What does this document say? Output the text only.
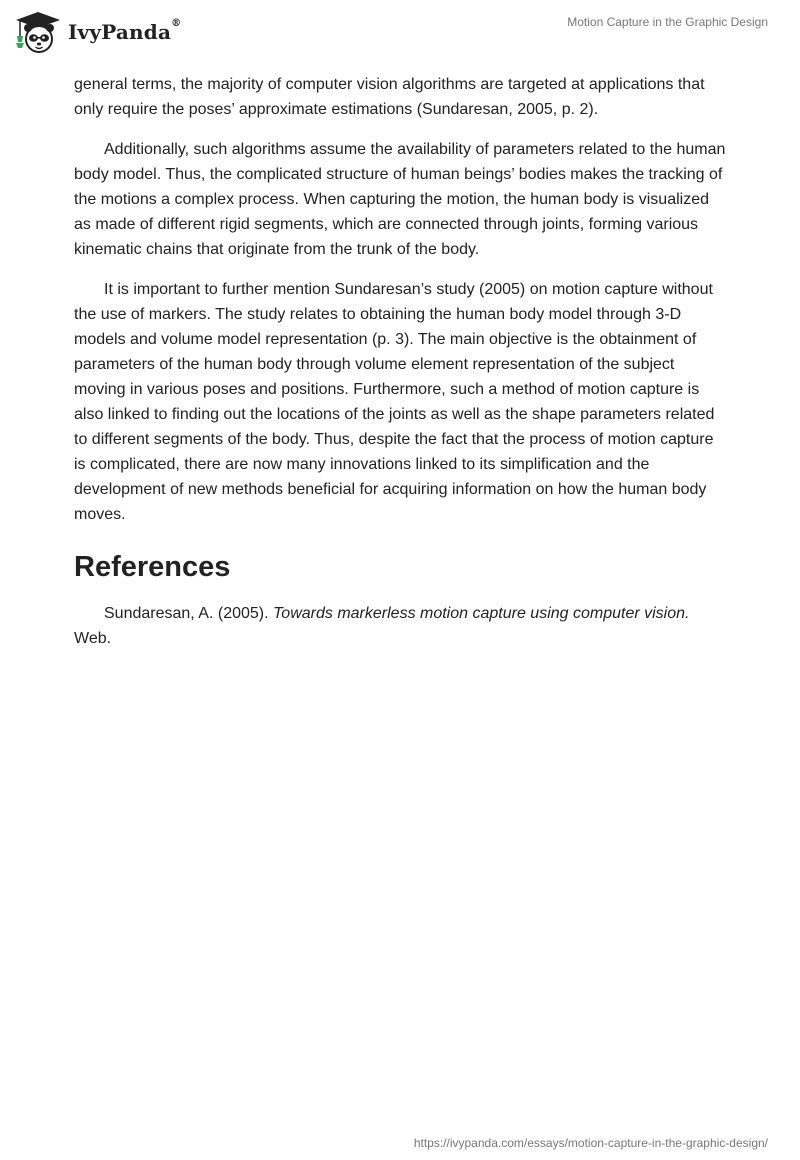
IvyPanda®	Motion Capture in the Graphic Design

general terms, the majority of computer vision algorithms are targeted at applications that only require the poses’ approximate estimations (Sundaresan, 2005, p. 2).

Additionally, such algorithms assume the availability of parameters related to the human body model. Thus, the complicated structure of human beings’ bodies makes the tracking of the motions a complex process. When capturing the motion, the human body is visualized as made of different rigid segments, which are connected through joints, forming various kinematic chains that originate from the trunk of the body.

It is important to further mention Sundaresan’s study (2005) on motion capture without the use of markers. The study relates to obtaining the human body model through 3-D models and volume model representation (p. 3). The main objective is the obtainment of parameters of the human body through volume element representation of the subject moving in various poses and positions. Furthermore, such a method of motion capture is also linked to finding out the locations of the joints as well as the shape parameters related to different segments of the body. Thus, despite the fact that the process of motion capture is complicated, there are now many innovations linked to its simplification and the development of new methods beneficial for acquiring information on how the human body moves.

References

Sundaresan, A. (2005). Towards markerless motion capture using computer vision. Web.

https://ivypanda.com/essays/motion-capture-in-the-graphic-design/
